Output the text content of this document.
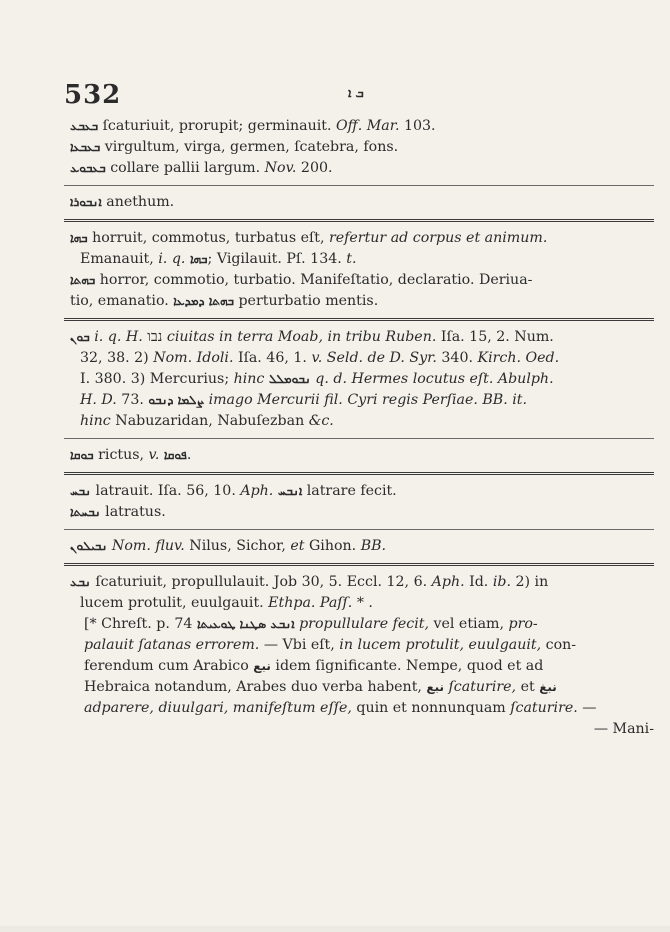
532	ܒ ܐ
ܒܥܒܥ ſcaturiuit, prorupit; germinauit. Off. Mar. 103.
ܒܥܒܥܐ virgultum, virga, germen, ſcatebra, fons.
ܒܥܒܘܥ collare pallii largum. Nov. 200.
ܐܢܒܘܪܐ anethum.
ܒܗܐ horruit, commotus, turbatus eſt, refertur ad corpus et animum.
Emanauit, i. q. ܒܗܐ; Vigilauit. Pſ. 134. t.
ܒܗܬܐ horror, commotio, turbatio. Manifeſtatio, declaratio. Deriua-
tio, emanatio. ܒܗܬܐ ܕܡܕܥܐ perturbatio mentis.
ܒܘܢ i. q. H. נבו ciuitas in terra Moab, in tribu Ruben. Iſa. 15, 2. Num.
32, 38. 2) Nom. Idoli. Iſa. 46, 1. v. Seld. de D. Syr. 340. Kirch. Oed.
I. 380. 3) Mercurius; hinc ܢܒܘܡܠܠ q. d. Hermes locutus eſt. Abulph.
H. D. 73. ܨܠܡܐ ܕܢܒܘ imago Mercurii fil. Cyri regis Perſiae. BB. it.
hinc Nabuzaridan, Nabuſezban &c.
ܒܘܩܐ rictus, v. ܦܘܩܐ.
ܢܒܚ latrauit. Iſa. 56, 10. Aph. ܐܢܒܚ latrare fecit.
ܢܒܚܬܐ latratus.
ܢܒܝܠܘܢ Nom. fluv. Nilus, Sichor, et Gihon. BB.
ܢܒܥ ſcaturiuit, propullulauit. Job 30, 5. Eccl. 12, 6. Aph. Id. ib. 2) in
lucem protulit, euulgauit. Ethpa. Paſſ. * .
[* Chreſt. p. 74 ܐܢܒܥ ܣܛܢܐ ܛܘܥܝܬܐ propullulare fecit, vel etiam, pro-
palauit ſatanas errorem. — Vbi eſt, in lucem protulit, euulgauit, con-
ferendum cum Arabico نبع idem ſignificante. Nempe, quod et ad
Hebraica notandum, Arabes duo verba habent, نبع ſcaturire, et نبغ
adparere, diuulgari, manifeſtum eſſe, quin et nonnunquam ſcaturire. —
— Mani-
